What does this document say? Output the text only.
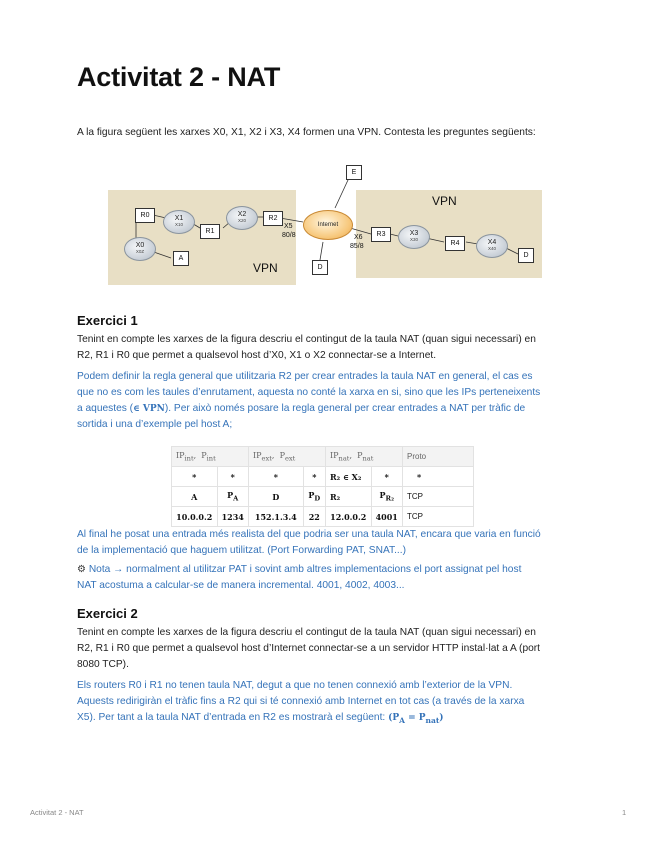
Activitat 2 - NAT
A la figura següent les xarxes X0, X1, X2 i X3, X4 formen una VPN. Contesta les preguntes següents:
E
R0	X1
X10
R1
X2
X20	R2
X0
X0Z
A
X5
80/8
Internet
D
X6
85/8
R3	X3
X30
R4	X4
X40
D
VPN
VPN
Exercici 1
Tenint en compte les xarxes de la figura descriu el contingut de la taula NAT (quan sigui necessari) en
R2, R1 i R0 que permet a qualsevol host d’X0, X1 o X2 connectar-se a Internet.
Podem definir la regla general que utilitzaria R2 per crear entrades la taula NAT en general, el cas es
que no es com les taules d’enrutament, aquesta no conté la xarxa en si, sino que les IPs perteneixents
a aquestes (∈ VPN). Per això només posare la regla general per crear entrades a NAT per tràfic de
sortida i una d’exemple pel host A;
$IP_{int}$,  $P_{int}$		$IP_{ext}$,  $P_{ext}$		$IP_{nat}$,  $P_{nat}$		Proto
*	*	*	*	R₂ ∈ X₂	*	*
A	$P_A$	D	$P_D$	R₂	$P_{R_2}$	TCP
10.0.0.2	1234	152.1.3.4	22	12.0.0.2	4001	TCP
Al final he posat una entrada més realista del que podria ser una taula NAT, encara que varia en funció
de la implementació que haguem utilitzat. (Port Forwarding PAT, SNAT...)
⚙ Nota → normalment al utilitzar PAT i sovint amb altres implementacions el port assignat pel host
NAT acostuma a calcular-se de manera incremental. 4001, 4002, 4003...
Exercici 2
Tenint en compte les xarxes de la figura descriu el contingut de la taula NAT (quan sigui necessari) en
R2, R1 i R0 que permet a qualsevol host d’Internet connectar-se a un servidor HTTP instal·lat a A (port
8080 TCP).
Els routers R0 i R1 no tenen taula NAT, degut a que no tenen connexió amb l’exterior de la VPN.
Aquests redirigiràn el tràfic fins a R2 qui si té connexió amb Internet en tot cas (a través de la xarxa
X5). Per tant a la taula NAT d’entrada en R2 es mostrarà el següent: $(P_A = P_{nat})$
Activitat 2 - NAT	1
